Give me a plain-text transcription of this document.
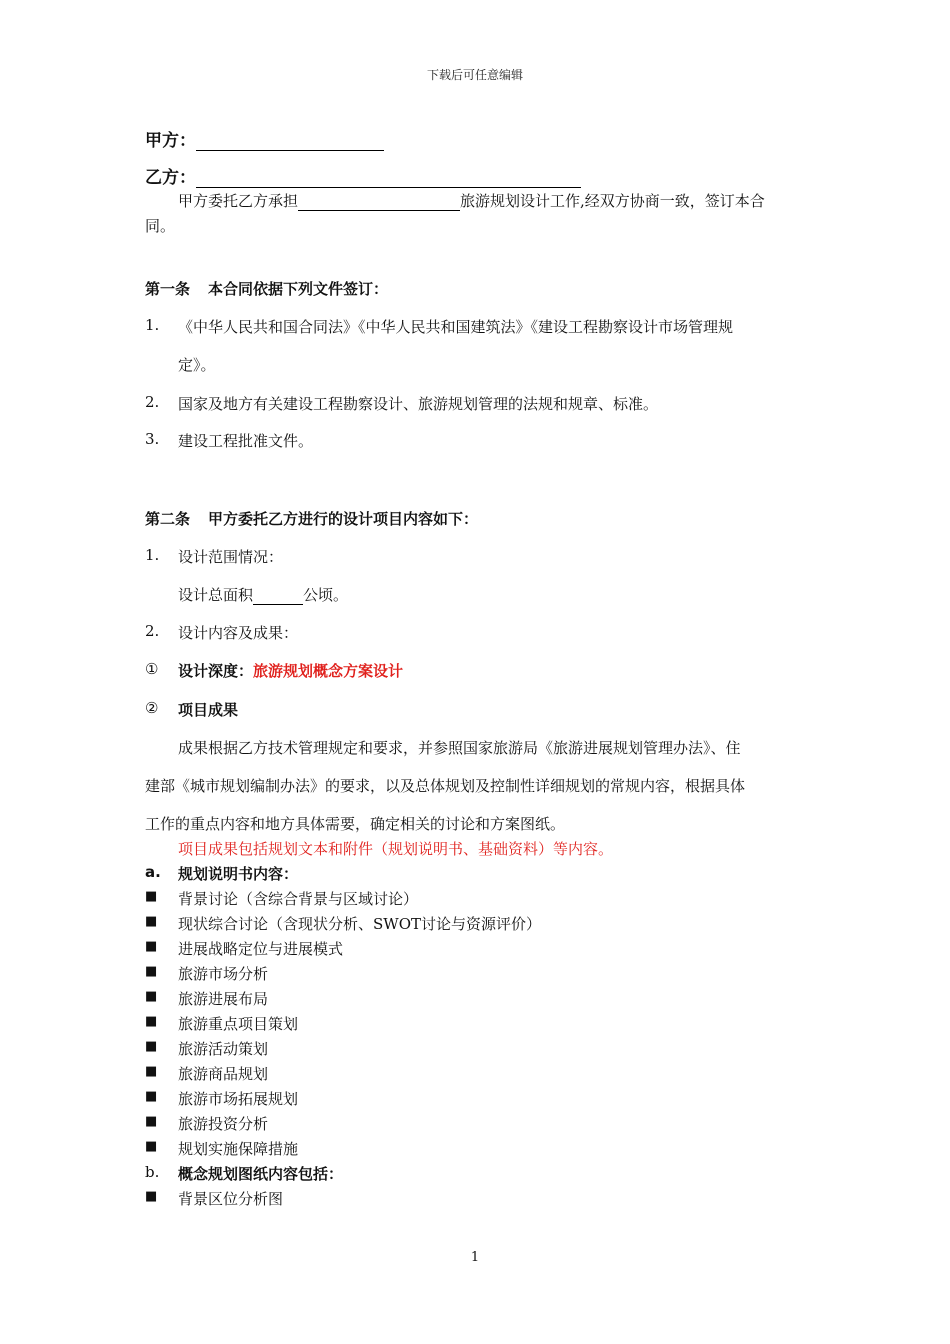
下载后可任意编辑
甲方：
乙方：
甲方委托乙方承担	旅游规划设计工作,经双方协商一致，签订本合
同。
第一条 本合同依据下列文件签订：
1. 《中华人民共和国合同法》《中华人民共和国建筑法》《建设工程勘察设计市场管理规
定》。
2. 国家及地方有关建设工程勘察设计、旅游规划管理的法规和规章、标准。
3. 建设工程批准文件。
第二条 甲方委托乙方进行的设计项目内容如下：
1. 设计范围情况：
设计总面积	公顷。
2. 设计内容及成果：
① 设计深度：旅游规划概念方案设计
② 项目成果
成果根据乙方技术管理规定和要求，并参照国家旅游局《旅游进展规划管理办法》、住
建部《城市规划编制办法》的要求，以及总体规划及控制性详细规划的常规内容，根据具体
工作的重点内容和地方具体需要，确定相关的讨论和方案图纸。
项目成果包括规划文本和附件（规划说明书、基础资料）等内容。
a. 规划说明书内容：
■ 背景讨论（含综合背景与区域讨论）
■ 现状综合讨论（含现状分析、SWOT讨论与资源评价）
■ 进展战略定位与进展模式
■ 旅游市场分析
■ 旅游进展布局
■ 旅游重点项目策划
■ 旅游活动策划
■ 旅游商品规划
■ 旅游市场拓展规划
■ 旅游投资分析
■ 规划实施保障措施
b. 概念规划图纸内容包括：
■ 背景区位分析图
1
